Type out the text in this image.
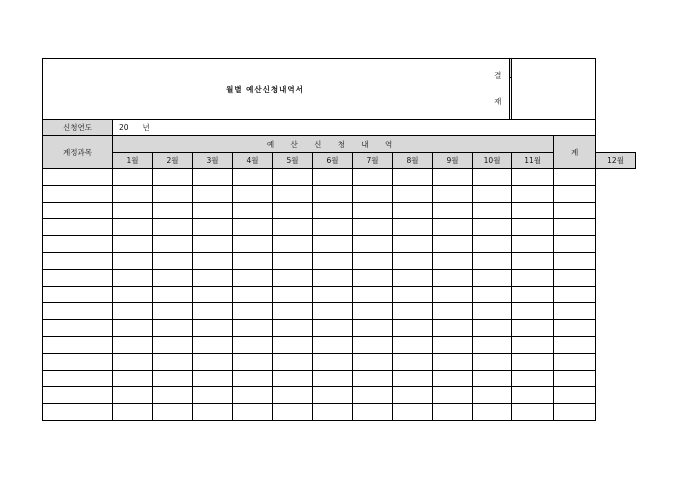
월별 예산신청내역서	
결
재

신청연도	20 년
계정과목	예 산 신 청 내 역	계
1월	2월	3월	4월	5월	6월	7월	8월	9월	10월	11월	12월
